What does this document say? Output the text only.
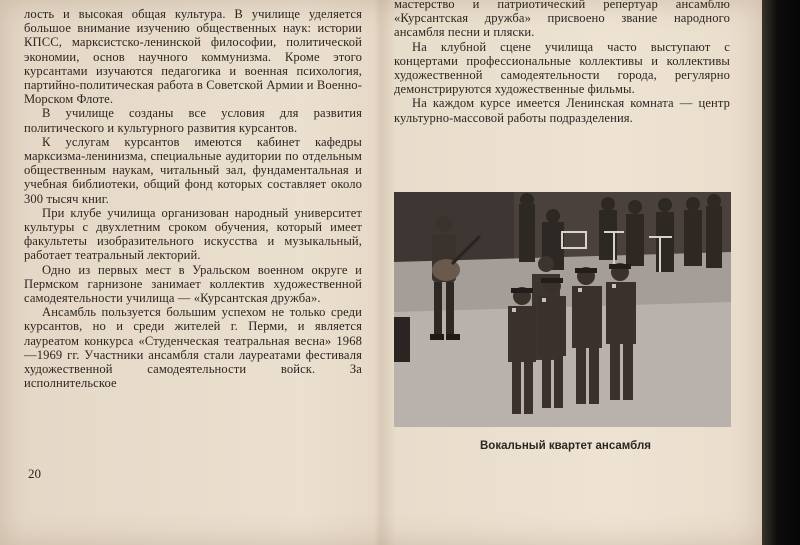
лость и высокая общая культура. В училище уделяется большое внимание изучению общественных наук: истории КПСС, марксистско-ленинской философии, политической экономии, основ научного коммунизма. Кроме этого курсантами изучаются педагогика и военная психология, партийно-политическая работа в Советской Армии и Военно-Морском Флоте.

В училище созданы все условия для развития политического и культурного развития курсантов.

К услугам курсантов имеются кабинет кафедры марксизма-ленинизма, специальные аудитории по отдельным общественным наукам, читальный зал, фундаментальная и учебная библиотеки, общий фонд которых составляет около 300 тысяч книг.

При клубе училища организован народный университет культуры с двухлетним сроком обучения, который имеет факультеты изобразительного искусства и музыкальный, работает театральный лекторий.

Одно из первых мест в Уральском военном округе и Пермском гарнизоне занимает коллектив художественной самодеятельности училища — «Курсантская дружба».

Ансамбль пользуется большим успехом не только среди курсантов, но и среди жителей г. Перми, и является лауреатом конкурса «Студенческая театральная весна» 1968—1969 гг. Участники ансамбля стали лауреатами фестиваля художественной самодеятельности войск. За исполнительское

20

мастерство и патриотический репертуар ансамблю «Курсантская дружба» присвоено звание народного ансамбля песни и пляски.

На клубной сцене училища часто выступают с концертами профессиональные коллективы и коллективы художественной самодеятельности города, регулярно демонстрируются художественные фильмы.

На каждом курсе имеется Ленинская комната — центр культурно-массовой работы подразделения.

Вокальный квартет ансамбля
